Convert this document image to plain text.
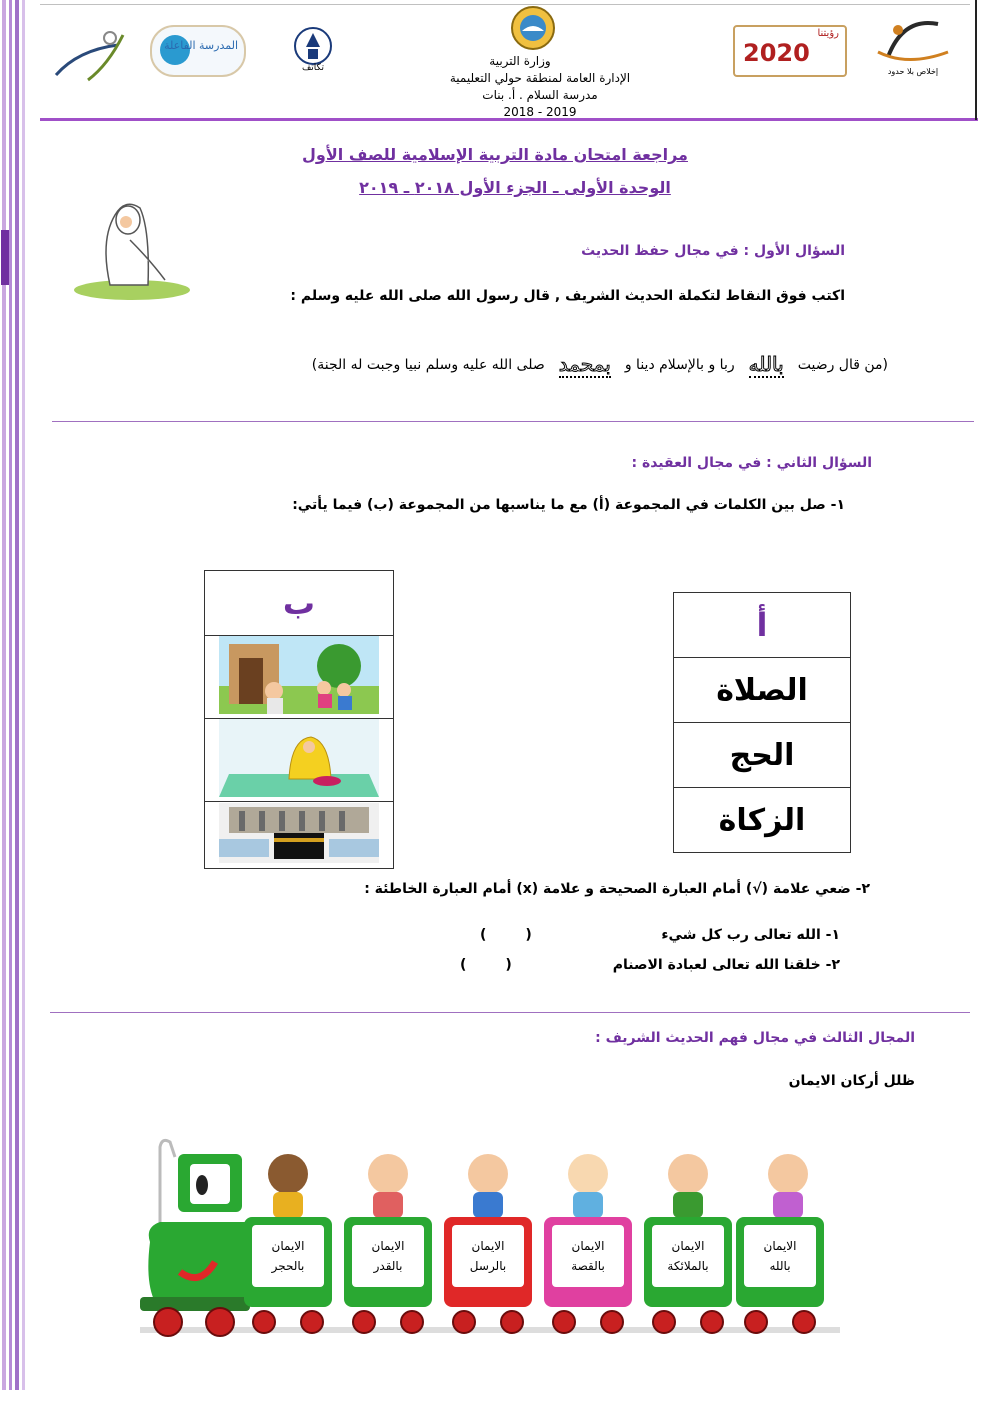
المدرسة الفاعلة
تكاتف	وزارة التربية
الإدارة العامة لمنطقة حولي التعليمية
مدرسة السلام . أ. بنات
2018 - 2019
رؤيتنا
2020
إخلاص بلا حدود
مراجعة امتحان مادة التربية الإسلامية للصف الأول
الوحدة الأولى ـ الجزء الأول ٢٠١٨ ـ ٢٠١٩
السؤال الأول : في مجال حفظ الحديث
اكتب فوق النقاط لتكملة الحديث الشريف , قال رسول الله صلى الله عليه وسلم :
(من قال رضيت
بالله
ربا و بالإسلام دينا و
بمحمد
صلى الله عليه وسلم نبيا وجبت له الجنة)
السؤال الثاني : في مجال العقيدة :
١- صل بين الكلمات في المجموعة (أ) مع ما يناسبها من المجموعة (ب) فيما يأتي:
ب

أ
الصلاة
الحج
الزكاة
٢- ضعي علامة (√) أمام العبارة الصحيحة و علامة (x) أمام العبارة الخاطئة :
١- الله تعالى رب كل شيء
(        )
٢- خلقنا الله تعالى لعبادة الاصنام
(        )
المجال الثالث في مجال فهم الحديث الشريف :
ظلل أركان الايمان
الايمان
بالله
الايمان
بالملائكة
الايمان
بالقصة
الايمان
بالرسل
الايمان
بالقدر
الايمان
بالحجر
